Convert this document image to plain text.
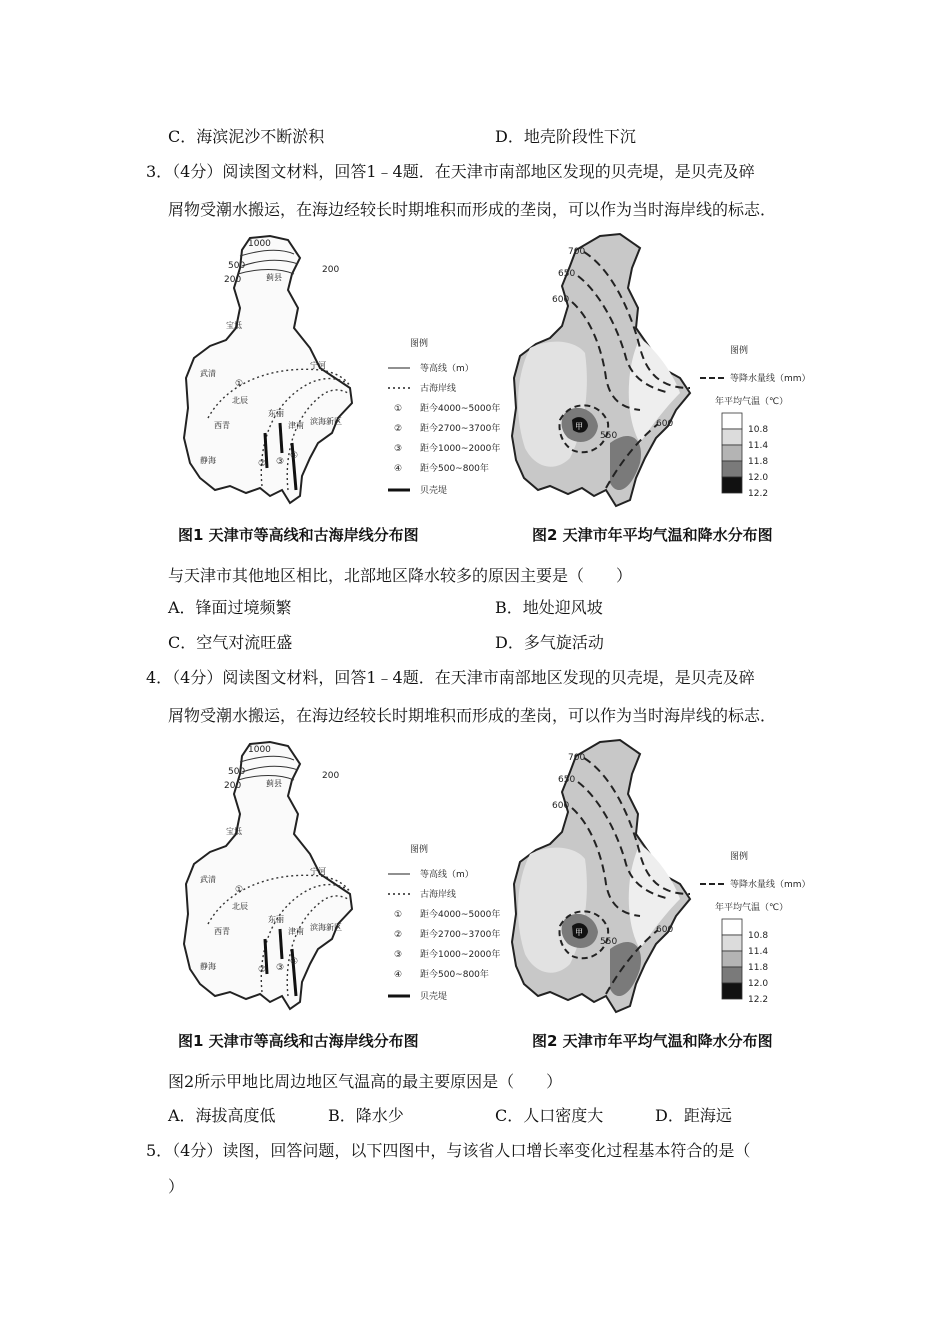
C．海滨泥沙不断淤积	D．地壳阶段性下沉
3．（4分）阅读图文材料，回答1﹣4题．在天津市南部地区发现的贝壳堤，是贝壳及碎
屑物受潮水搬运，在海边经较长时期堆积而形成的垄岗，可以作为当时海岸线的标志．
1000
500
200
200
蓟县
宝坻
武清
北辰
宁河
西青
东丽
津南
静海
滨海新区
①
② ③
④
图例
等高线（m）
古海岸线
① 距今4000~5000年
② 距今2700~3700年
③ 距今1000~2000年
④ 距今500~800年
贝壳堤
700
650
600
550
600
甲
图例
等降水量线（mm）
年平均气温（℃）
10.8
11.4
11.8
12.0
12.2
图1 天津市等高线和古海岸线分布图	图2 天津市年平均气温和降水分布图
与天津市其他地区相比，北部地区降水较多的原因主要是（　　）
A．锋面过境频繁	B．地处迎风坡
C．空气对流旺盛	D．多气旋活动
4．（4分）阅读图文材料，回答1﹣4题．在天津市南部地区发现的贝壳堤，是贝壳及碎
屑物受潮水搬运，在海边经较长时期堆积而形成的垄岗，可以作为当时海岸线的标志．
1000
500
200
200
蓟县
宝坻
武清
北辰
宁河
西青
东丽
津南
静海
滨海新区
①
② ③
④
图例
等高线（m）
古海岸线
① 距今4000~5000年
② 距今2700~3700年
③ 距今1000~2000年
④ 距今500~800年
贝壳堤
700
650
600
550
600
甲
图例
等降水量线（mm）
年平均气温（℃）
10.8
11.4
11.8
12.0
12.2
图1 天津市等高线和古海岸线分布图	图2 天津市年平均气温和降水分布图
图2所示甲地比周边地区气温高的最主要原因是（　　）
A．海拔高度低	B．降水少	C．人口密度大	D．距海远
5．（4分）读图，回答问题，以下四图中，与该省人口增长率变化过程基本符合的是（
）
